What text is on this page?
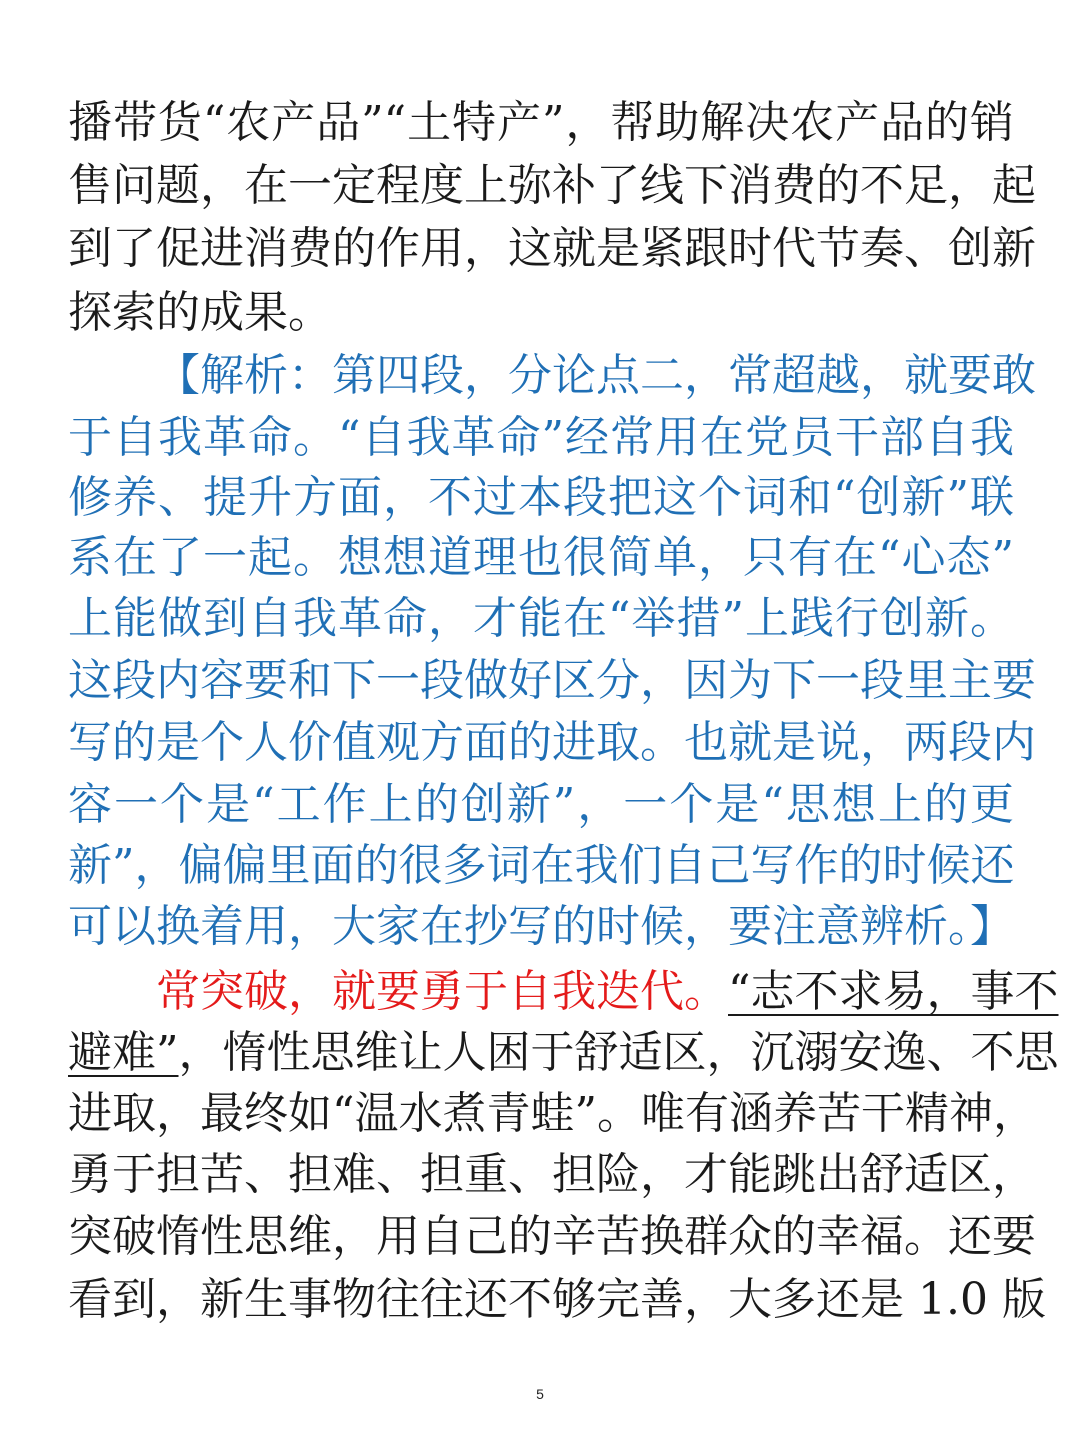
播带货“农产品”“土特产”，帮助解决农产品的销
售问题，在一定程度上弥补了线下消费的不足，起
到了促进消费的作用，这就是紧跟时代节奏、创新
探索的成果。
【解析：第四段，分论点二，常超越，就要敢
于自我革命。“自我革命”经常用在党员干部自我
修养、提升方面，不过本段把这个词和“创新”联
系在了一起。想想道理也很简单，只有在“心态”
上能做到自我革命，才能在“举措”上践行创新。
这段内容要和下一段做好区分，因为下一段里主要
写的是个人价值观方面的进取。也就是说，两段内
容一个是“工作上的创新”，一个是“思想上的更
新”，偏偏里面的很多词在我们自己写作的时候还
可以换着用，大家在抄写的时候，要注意辨析。】
常突破，就要勇于自我迭代。“志不求易，事不
避难”，惰性思维让人困于舒适区，沉溺安逸、不思
进取，最终如“温水煮青蛙”。唯有涵养苦干精神，
勇于担苦、担难、担重、担险，才能跳出舒适区，
突破惰性思维，用自己的辛苦换群众的幸福。还要
看到，新生事物往往还不够完善，大多还是 1.0 版
5
